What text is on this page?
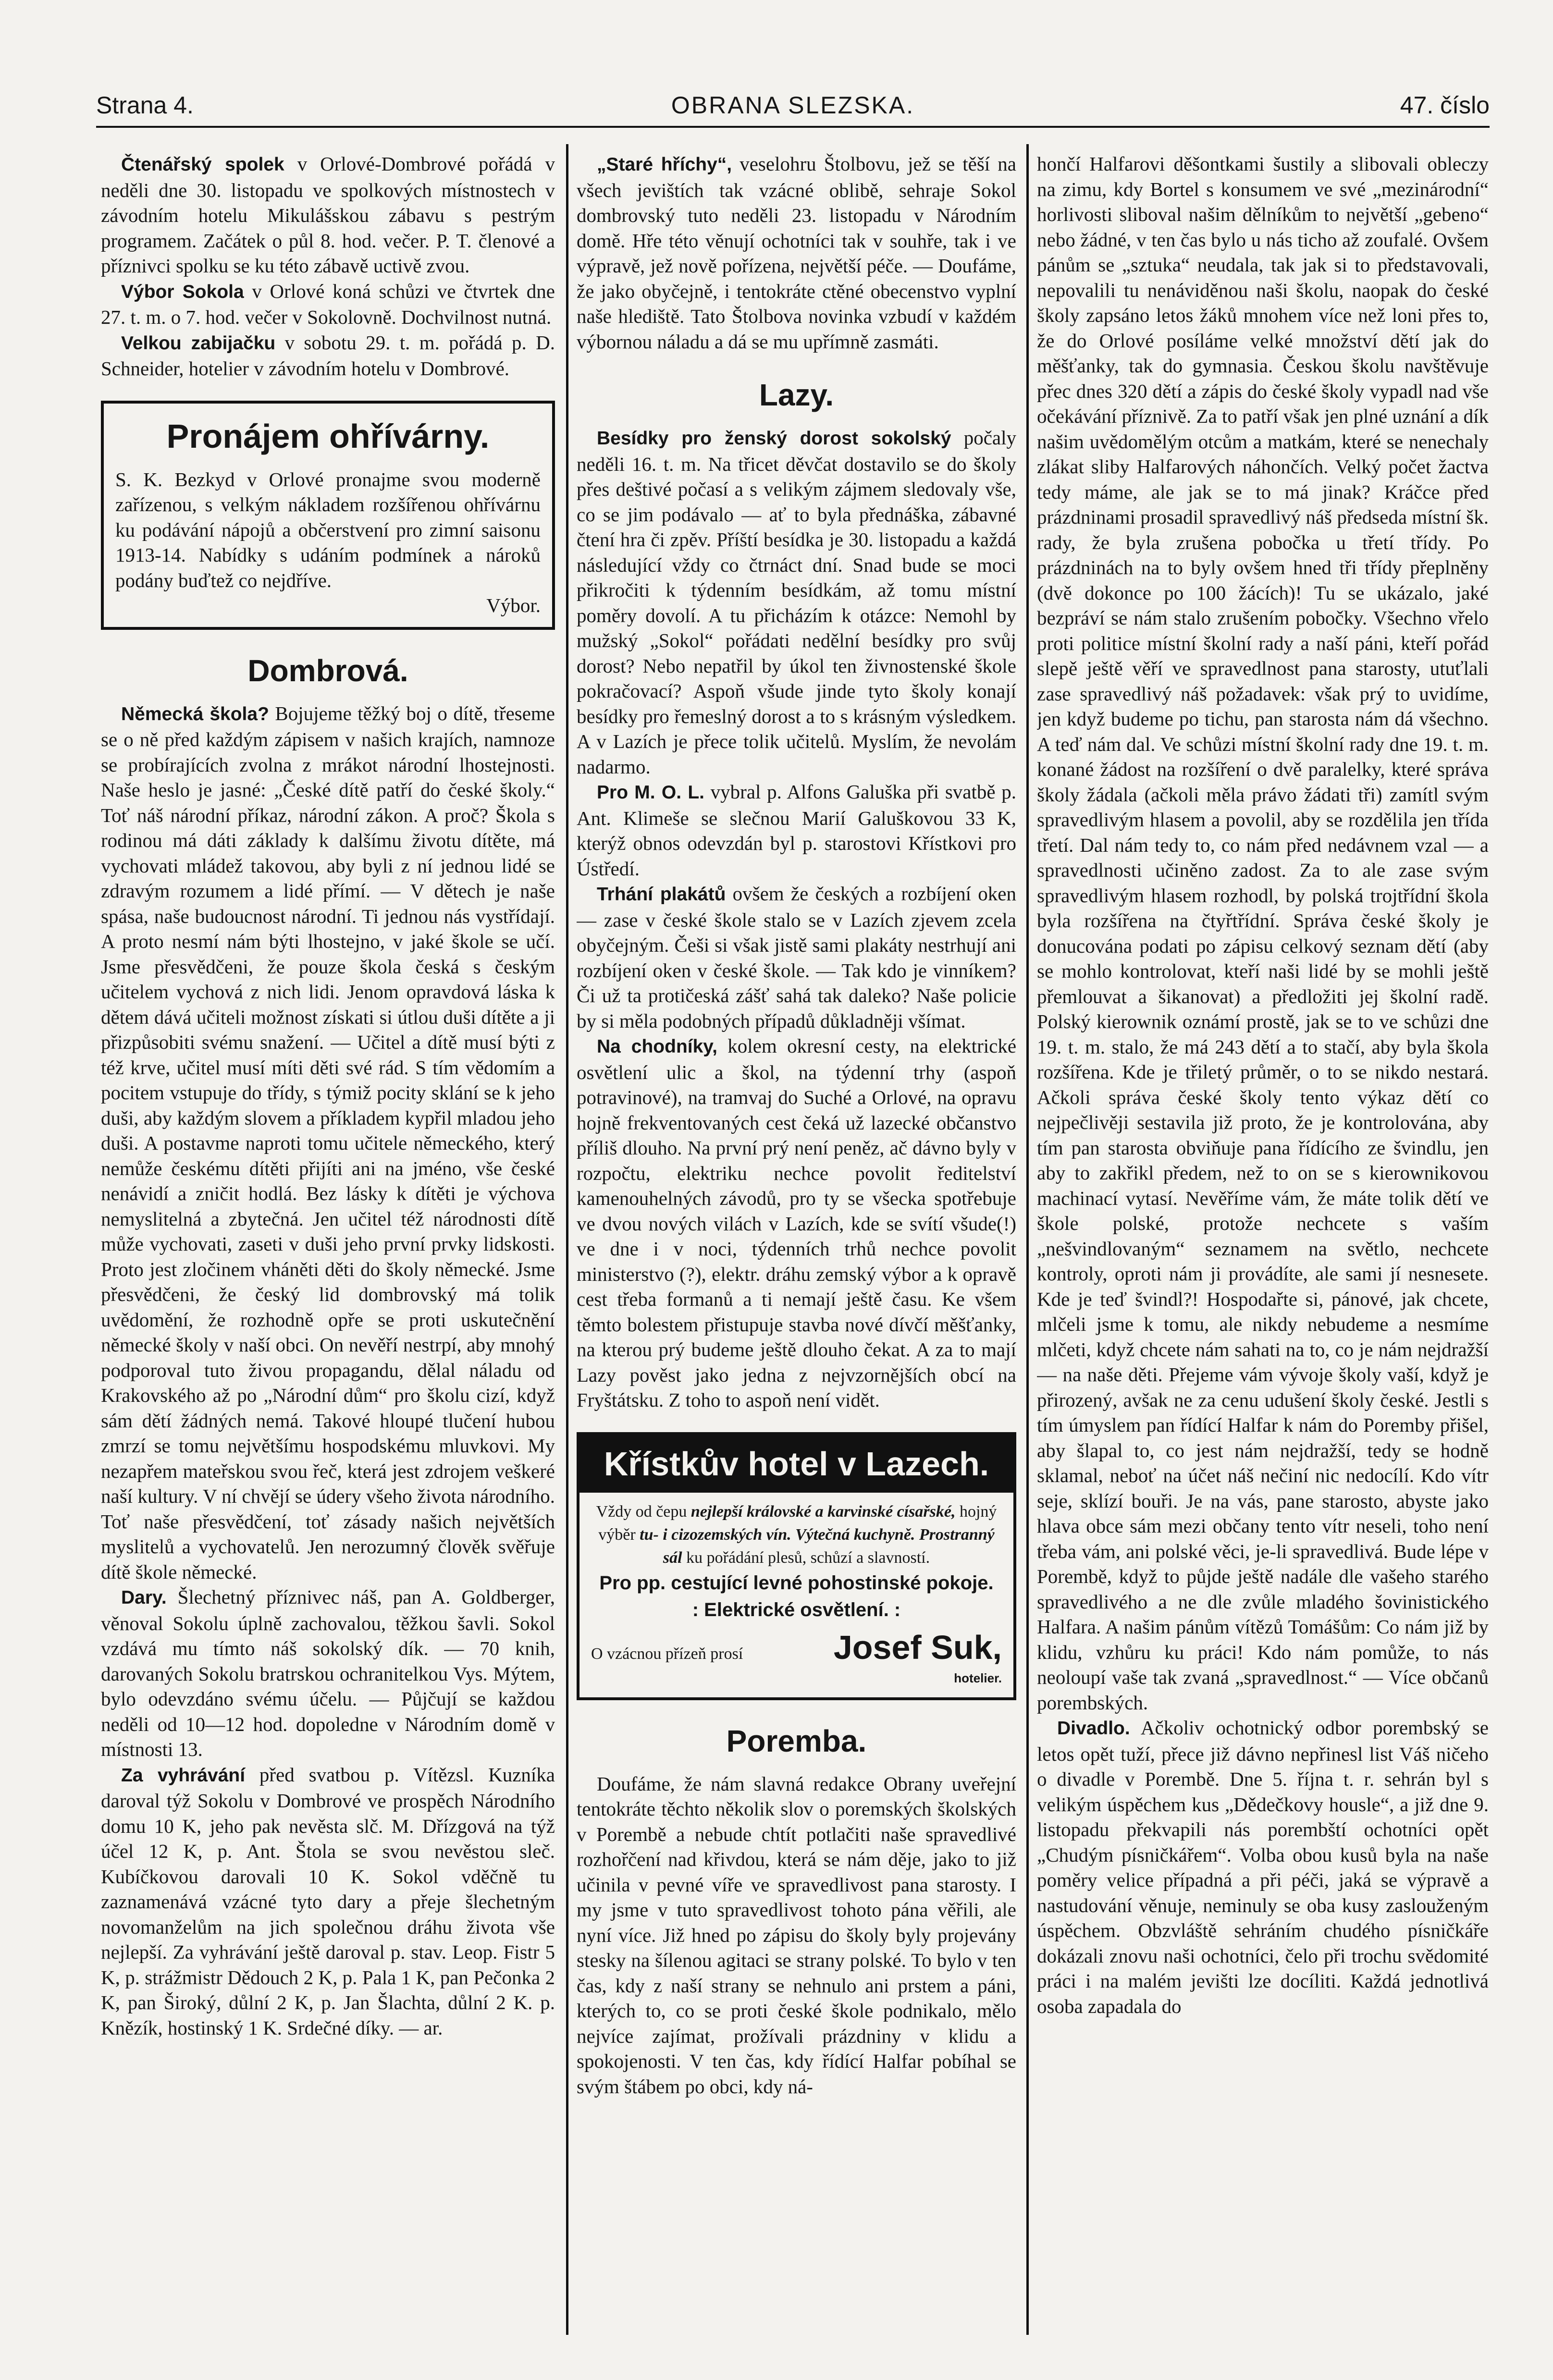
Strana 4.	OBRANA SLEZSKA.	47. číslo

Čtenářský spolek v Orlové-Dombrové pořádá v neděli dne 30. listopadu ve spolkových místnostech v závodním hotelu Mikulášskou zábavu s pestrým programem. Začátek o půl 8. hod. večer. P. T. členové a příznivci spolku se ku této zábavě uctivě zvou.

Výbor Sokola v Orlové koná schůzi ve čtvrtek dne 27. t. m. o 7. hod. večer v Sokolovně. Dochvilnost nutná.

Velkou zabijačku v sobotu 29. t. m. pořádá p. D. Schneider, hotelier v závodním hotelu v Dombrové.

Pronájem ohřívárny.

S. K. Bezkyd v Orlové pronajme svou moderně zařízenou, s velkým nákladem rozšířenou ohřívárnu ku podávání nápojů a občerstvení pro zimní saisonu 1913-14. Nabídky s udáním podmínek a nároků podány buďtež co nejdříve.

Výbor.
Dombrová.

Německá škola? Bojujeme těžký boj o dítě, třeseme se o ně před každým zápisem v našich krajích, namnoze se probírajících zvolna z mrákot národní lhostejnosti. Naše heslo je jasné: „České dítě patří do české školy.“ Toť náš národní příkaz, národní zákon. A proč? Škola s rodinou má dáti základy k dalšímu životu dítěte, má vychovati mládež takovou, aby byli z ní jednou lidé se zdravým rozumem a lidé přímí. — V dětech je naše spása, naše budoucnost národní. Ti jednou nás vystřídají. A proto nesmí nám býti lhostejno, v jaké škole se učí. Jsme přesvědčeni, že pouze škola česká s českým učitelem vychová z nich lidi. Jenom opravdová láska k dětem dává učiteli možnost získati si útlou duši dítěte a ji přizpůsobiti svému snažení. — Učitel a dítě musí býti z též krve, učitel musí míti děti své rád. S tím vědomím a pocitem vstupuje do třídy, s týmiž pocity sklání se k jeho duši, aby každým slovem a příkladem kypřil mladou jeho duši. A postavme naproti tomu učitele německého, který nemůže českému dítěti přijíti ani na jméno, vše české nenávidí a zničit hodlá. Bez lásky k dítěti je výchova nemyslitelná a zbytečná. Jen učitel též národnosti dítě může vychovati, zaseti v duši jeho první prvky lidskosti. Proto jest zločinem vháněti děti do školy německé. Jsme přesvědčeni, že český lid dombrovský má tolik uvědomění, že rozhodně opře se proti uskutečnění německé školy v naší obci. On nevěří nestrpí, aby mnohý podporoval tuto živou propagandu, dělal náladu od Krakovského až po „Národní dům“ pro školu cizí, když sám dětí žádných nemá. Takové hloupé tlučení hubou zmrzí se tomu největšímu hospodskému mluvkovi. My nezapřem mateřskou svou řeč, která jest zdrojem veškeré naší kultury. V ní chvějí se údery všeho života národního. Toť naše přesvědčení, toť zásady našich největších myslitelů a vychovatelů. Jen nerozumný člověk svěřuje dítě škole německé.

Dary. Šlechetný příznivec náš, pan A. Goldberger, věnoval Sokolu úplně zachovalou, těžkou šavli. Sokol vzdává mu tímto náš sokolský dík. — 70 knih, darovaných Sokolu bratrskou ochranitelkou Vys. Mýtem, bylo odevzdáno svému účelu. — Půjčují se každou neděli od 10—12 hod. dopoledne v Národním domě v místnosti 13.

Za vyhrávání před svatbou p. Vítězsl. Kuzníka daroval týž Sokolu v Dombrové ve prospěch Národního domu 10 K, jeho pak nevěsta slč. M. Dřízgová na týž účel 12 K, p. Ant. Štola se svou nevěstou sleč. Kubíčkovou darovali 10 K. Sokol vděčně tu zaznamenává vzácné tyto dary a přeje šlechetným novomanželům na jich společnou dráhu života vše nejlepší. Za vyhrávání ještě daroval p. stav. Leop. Fistr 5 K, p. strážmistr Dědouch 2 K, p. Pala 1 K, pan Pečonka 2 K, pan Široký, důlní 2 K, p. Jan Šlachta, důlní 2 K. p. Knězík, hostinský 1 K. Srdečné díky. — ar.

„Staré hříchy“, veselohru Štolbovu, jež se těší na všech jevištích tak vzácné oblibě, sehraje Sokol dombrovský tuto neděli 23. listopadu v Národním domě. Hře této věnují ochotníci tak v souhře, tak i ve výpravě, jež nově pořízena, největší péče. — Doufáme, že jako obyčejně, i tentokráte ctěné obecenstvo vyplní naše hlediště. Tato Štolbova novinka vzbudí v každém výbornou náladu a dá se mu upřímně zasmáti.

Lazy.

Besídky pro ženský dorost sokolský počaly neděli 16. t. m. Na třicet děvčat dostavilo se do školy přes deštivé počasí a s velikým zájmem sledovaly vše, co se jim podávalo — ať to byla přednáška, zábavné čtení hra či zpěv. Příští besídka je 30. listopadu a každá následující vždy co čtrnáct dní. Snad bude se moci přikročiti k týdenním besídkám, až tomu místní poměry dovolí. A tu přicházím k otázce: Nemohl by mužský „Sokol“ pořádati nedělní besídky pro svůj dorost? Nebo nepatřil by úkol ten živnostenské škole pokračovací? Aspoň všude jinde tyto školy konají besídky pro řemeslný dorost a to s krásným výsledkem. A v Lazích je přece tolik učitelů. Myslím, že nevolám nadarmo.

Pro M. O. L. vybral p. Alfons Galuška při svatbě p. Ant. Klimeše se slečnou Marií Galuškovou 33 K, kterýž obnos odevzdán byl p. starostovi Křístkovi pro Ústředí.

Trhání plakátů ovšem že českých a rozbíjení oken — zase v české škole stalo se v Lazích zjevem zcela obyčejným. Češi si však jistě sami plakáty nestrhují ani rozbíjení oken v české škole. — Tak kdo je vinníkem? Či už ta protičeská zášť sahá tak daleko? Naše policie by si měla podobných případů důkladněji všímat.

Na chodníky, kolem okresní cesty, na elektrické osvětlení ulic a škol, na týdenní trhy (aspoň potravinové), na tramvaj do Suché a Orlové, na opravu hojně frekventovaných cest čeká už lazecké občanstvo příliš dlouho. Na první prý není peněz, ač dávno byly v rozpočtu, elektriku nechce povolit ředitelství kamenouhelných závodů, pro ty se všecka spotřebuje ve dvou nových vilách v Lazích, kde se svítí všude(!) ve dne i v noci, týdenních trhů nechce povolit ministerstvo (?), elektr. dráhu zemský výbor a k opravě cest třeba formanů a ti nemají ještě času. Ke všem těmto bolestem přistupuje stavba nové dívčí měšťanky, na kterou prý budeme ještě dlouho čekat. A za to mají Lazy pověst jako jedna z nejvzornějších obcí na Fryštátsku. Z toho to aspoň není vidět.

Křístkův hotel v Lazech.
Vždy od čepu nejlepší královské a karvinské císařské, hojný výběr tu- i cizozemských vín. Výtečná kuchyně. Prostranný sál ku pořádání plesů, schůzí a slavností.
Pro pp. cestující levné pohostinské pokoje.
: Elektrické osvětlení. :
O vzácnou přízeň prosí	Josef Suk,
hotelier.
Poremba.

Doufáme, že nám slavná redakce Obrany uveřejní tentokráte těchto několik slov o poremských školských v Porembě a nebude chtít potlačiti naše spravedlivé rozhořčení nad křivdou, která se nám děje, jako to již učinila v pevné víře ve spravedlivost pana starosty. I my jsme v tuto spravedlivost tohoto pána věřili, ale nyní více. Již hned po zápisu do školy byly projevány stesky na šílenou agitaci se strany polské. To bylo v ten čas, kdy z naší strany se nehnulo ani prstem a páni, kterých to, co se proti české škole podnikalo, mělo nejvíce zajímat, prožívali prázdniny v klidu a spokojenosti. V ten čas, kdy řídící Halfar pobíhal se svým štábem po obci, kdy ná-

hončí Halfarovi děšontkami šustily a slibovali obleczy na zimu, kdy Bortel s konsumem ve své „mezinárodní“ horlivosti sliboval našim dělníkům to největší „gebeno“ nebo žádné, v ten čas bylo u nás ticho až zoufalé. Ovšem pánům se „sztuka“ neudala, tak jak si to představovali, nepovalili tu nenáviděnou naši školu, naopak do české školy zapsáno letos žáků mnohem více než loni přes to, že do Orlové posíláme velké množství dětí jak do měšťanky, tak do gymnasia. Českou školu navštěvuje přec dnes 320 dětí a zápis do české školy vypadl nad vše očekávání příznivě. Za to patří však jen plné uznání a dík našim uvědomělým otcům a matkám, které se nenechaly zlákat sliby Halfarových náhončích. Velký počet žactva tedy máme, ale jak se to má jinak? Kráčce před prázdninami prosadil spravedlivý náš předseda místní šk. rady, že byla zrušena pobočka u třetí třídy. Po prázdninách na to byly ovšem hned tři třídy přeplněny (dvě dokonce po 100 žácích)! Tu se ukázalo, jaké bezpráví se nám stalo zrušením pobočky. Všechno vřelo proti politice místní školní rady a naší páni, kteří pořád slepě ještě věří ve spravedlnost pana starosty, utuťlali zase spravedlivý náš požadavek: však prý to uvidíme, jen když budeme po tichu, pan starosta nám dá všechno. A teď nám dal. Ve schůzi místní školní rady dne 19. t. m. konané žádost na rozšíření o dvě paralelky, které správa školy žádala (ačkoli měla právo žádati tři) zamítl svým spravedlivým hlasem a povolil, aby se rozdělila jen třída třetí. Dal nám tedy to, co nám před nedávnem vzal — a spravedlnosti učiněno zadost. Za to ale zase svým spravedlivým hlasem rozhodl, by polská trojtřídní škola byla rozšířena na čtyřtřídní. Správa české školy je donucována podati po zápisu celkový seznam dětí (aby se mohlo kontrolovat, kteří naši lidé by se mohli ještě přemlouvat a šikanovat) a předložiti jej školní radě. Polský kierownik oznámí prostě, jak se to ve schůzi dne 19. t. m. stalo, že má 243 dětí a to stačí, aby byla škola rozšířena. Kde je třiletý průměr, o to se nikdo nestará. Ačkoli správa české školy tento výkaz dětí co nejpečlivěji sestavila již proto, že je kontrolována, aby tím pan starosta obviňuje pana řídícího ze švindlu, jen aby to zakřikl předem, než to on se s kierownikovou machinací vytasí. Nevěříme vám, že máte tolik dětí ve škole polské, protože nechcete s vaším „nešvindlovaným“ seznamem na světlo, nechcete kontroly, oproti nám ji provádíte, ale sami jí nesnesete. Kde je teď švindl?! Hospodařte si, pánové, jak chcete, mlčeli jsme k tomu, ale nikdy nebudeme a nesmíme mlčeti, když chcete nám sahati na to, co je nám nejdražší — na naše děti. Přejeme vám vývoje školy vaší, když je přirozený, avšak ne za cenu udušení školy české. Jestli s tím úmyslem pan řídící Halfar k nám do Poremby přišel, aby šlapal to, co jest nám nejdražší, tedy se hodně sklamal, neboť na účet náš nečiní nic nedocílí. Kdo vítr seje, sklízí bouři. Je na vás, pane starosto, abyste jako hlava obce sám mezi občany tento vítr neseli, toho není třeba vám, ani polské věci, je-li spravedlivá. Bude lépe v Porembě, když to půjde ještě nadále dle vašeho starého spravedlivého a ne dle zvůle mladého šovinistického Halfara. A našim pánům vítězů Tomášům: Co nám již by klidu, vzhůru ku práci! Kdo nám pomůže, to nás neoloupí vaše tak zvaná „spravedlnost.“ — Více občanů porembských.

Divadlo. Ačkoliv ochotnický odbor porembský se letos opět tuží, přece již dávno nepřinesl list Váš ničeho o divadle v Porembě. Dne 5. října t. r. sehrán byl s velikým úspěchem kus „Dědečkovy housle“, a již dne 9. listopadu překvapili nás porembští ochotníci opět „Chudým písničkářem“. Volba obou kusů byla na naše poměry velice případná a při péči, jaká se výpravě a nastudování věnuje, neminuly se oba kusy zaslouženým úspěchem. Obzvláště sehráním chudého písničkáře dokázali znovu naši ochotníci, čelo při trochu svědomité práci i na malém jevišti lze docíliti. Každá jednotlivá osoba zapadala do
